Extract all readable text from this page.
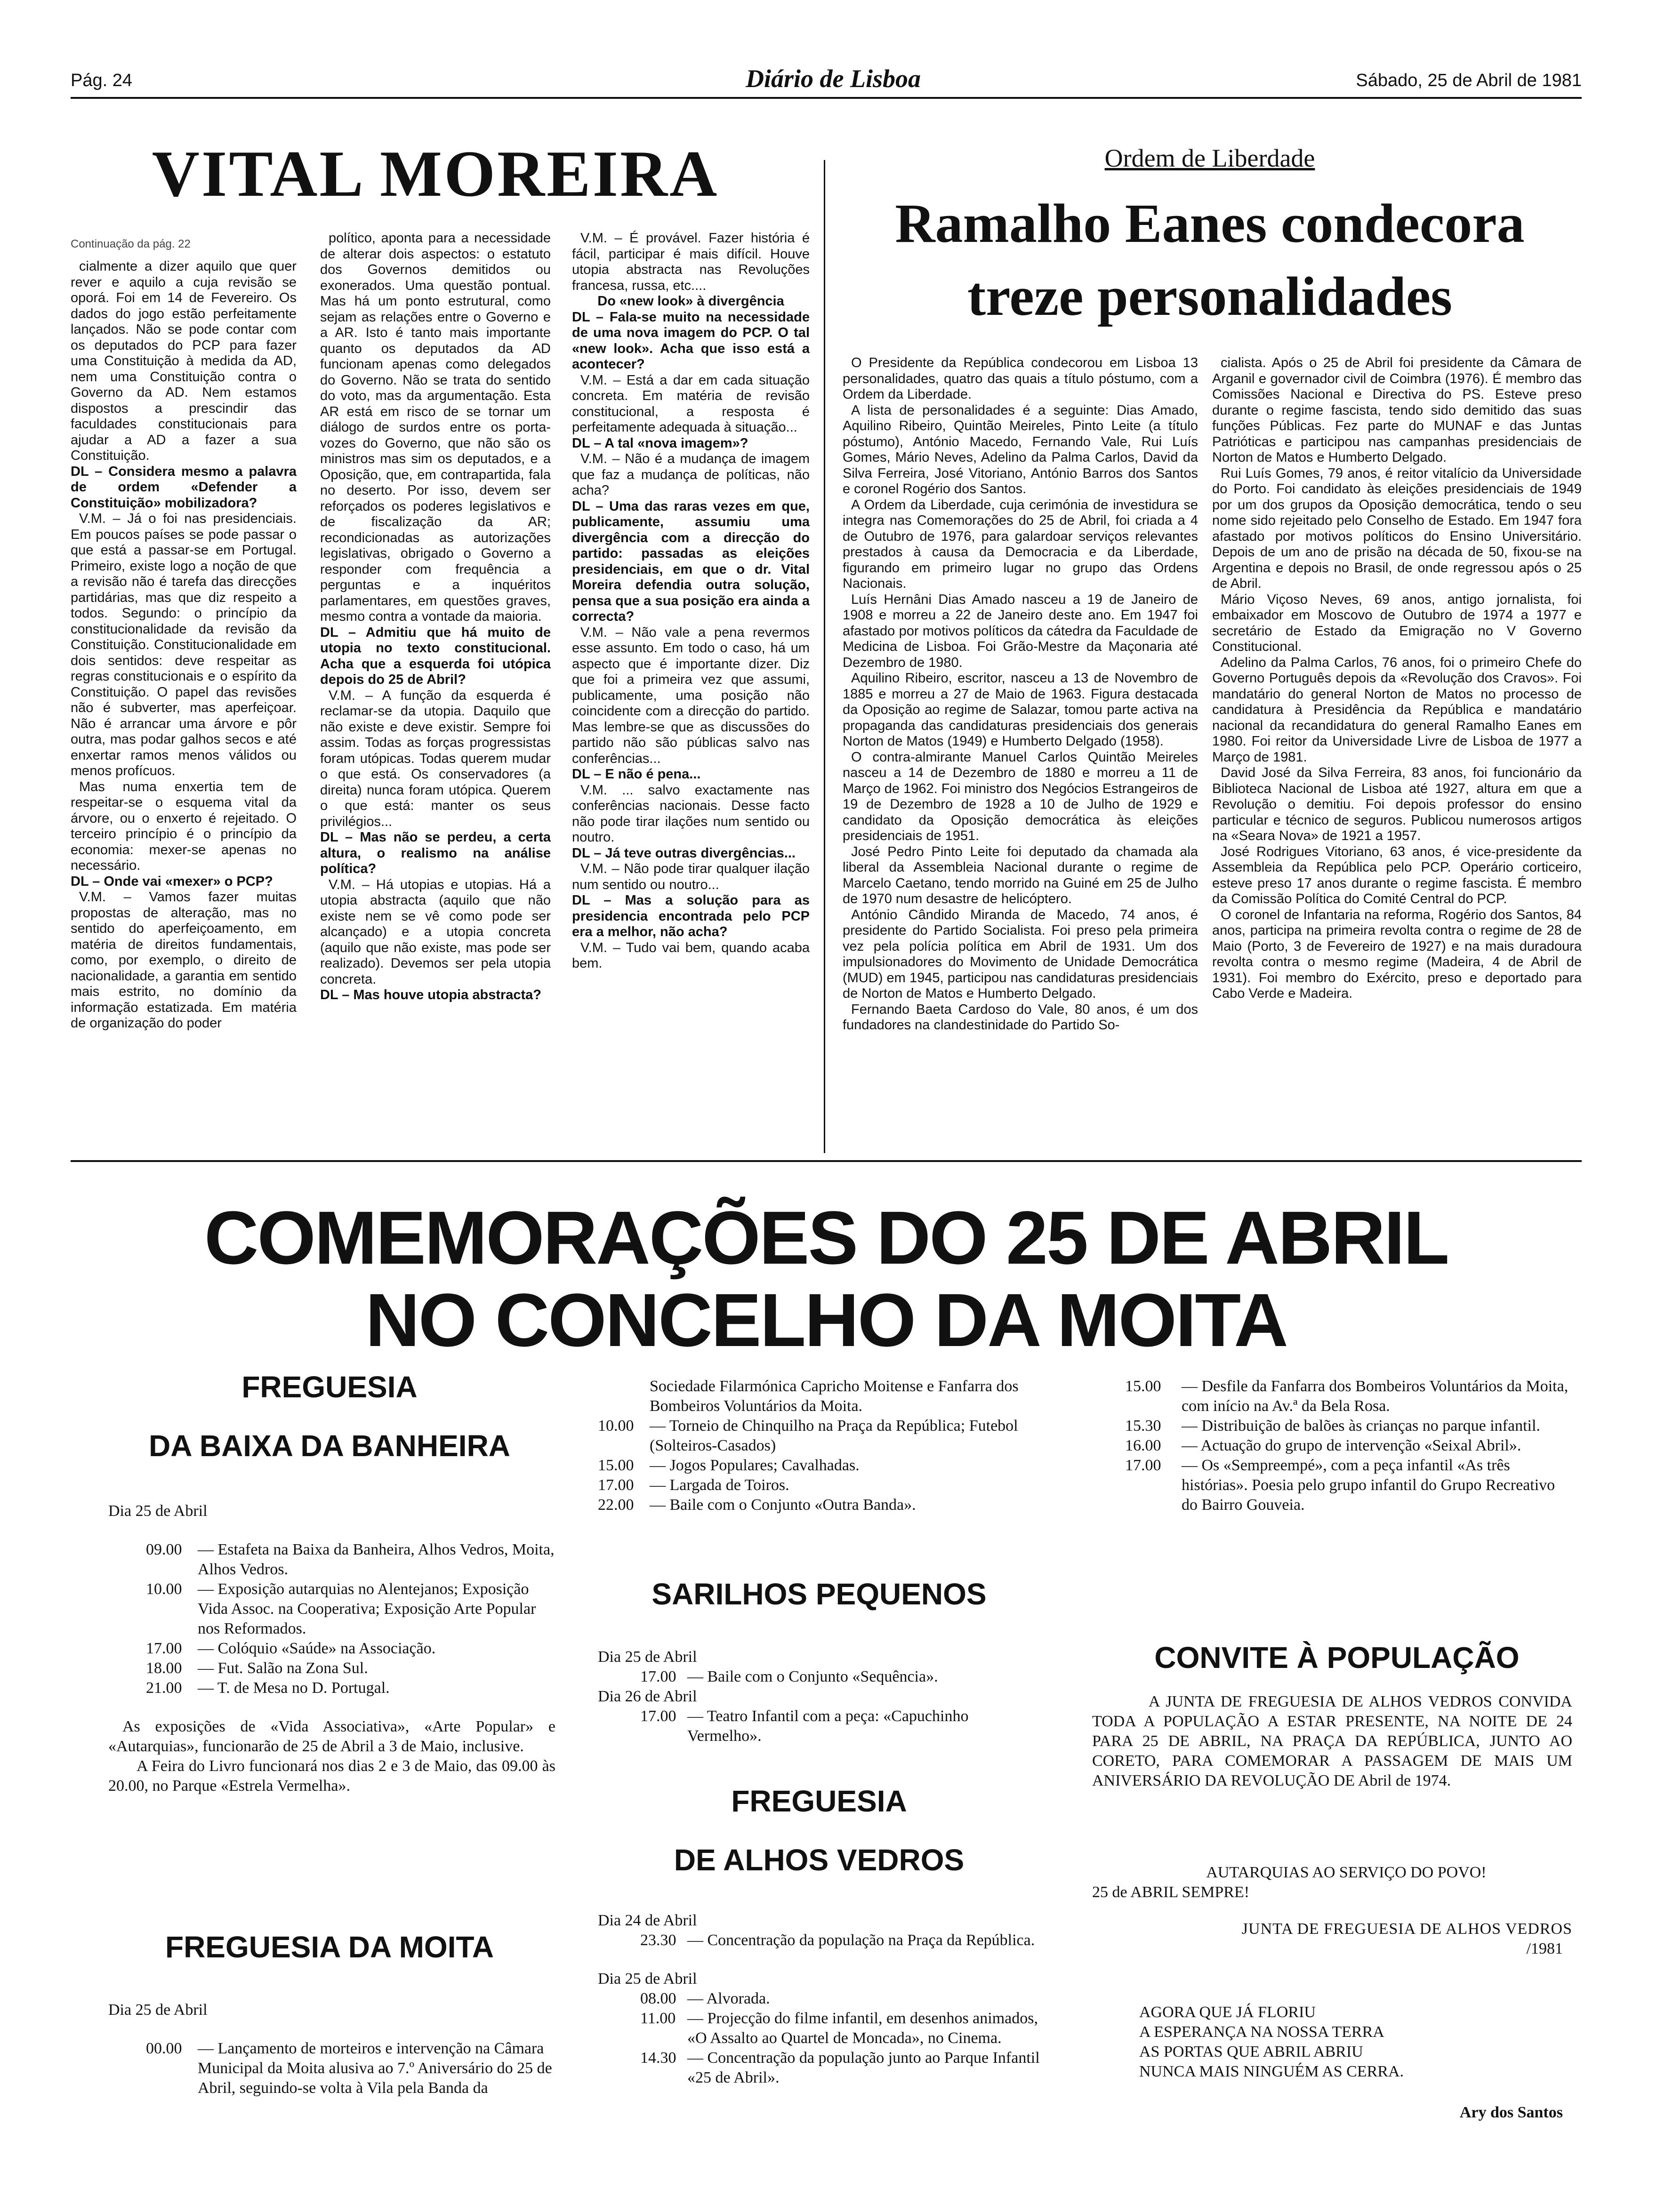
Pág. 24	Diário de Lisboa	Sábado, 25 de Abril de 1981
VITAL MOREIRA
Continuação da pág. 22

cialmente a dizer aquilo que quer rever e aquilo a cuja revisão se oporá. Foi em 14 de Fevereiro. Os dados do jogo estão perfeitamente lançados. Não se pode contar com os deputados do PCP para fazer uma Constituição à medida da AD, nem uma Constituição contra o Governo da AD. Nem estamos dispostos a prescindir das faculdades constitucionais para ajudar a AD a fazer a sua Constituição.

DL – Considera mesmo a palavra de ordem «Defender a Constituição» mobilizadora?

V.M. – Já o foi nas presidenciais. Em poucos países se pode passar o que está a passar-se em Portugal. Primeiro, existe logo a noção de que a revisão não é tarefa das direcções partidárias, mas que diz respeito a todos. Segundo: o princípio da constitucionalidade da revisão da Constituição. Constitucionalidade em dois sentidos: deve respeitar as regras constitucionais e o espírito da Constituição. O papel das revisões não é subverter, mas aperfeiçoar. Não é arrancar uma árvore e pôr outra, mas podar galhos secos e até enxertar ramos menos válidos ou menos profícuos.

Mas numa enxertia tem de respeitar-se o esquema vital da árvore, ou o enxerto é rejeitado. O terceiro princípio é o princípio da economia: mexer-se apenas no necessário.

DL – Onde vai «mexer» o PCP?

V.M. – Vamos fazer muitas propostas de alteração, mas no sentido do aperfeiçoamento, em matéria de direitos fundamentais, como, por exemplo, o direito de nacionalidade, a garantia em sentido mais estrito, no domínio da informação estatizada. Em matéria de organização do poder

político, aponta para a necessidade de alterar dois aspectos: o estatuto dos Governos demitidos ou exonerados. Uma questão pontual. Mas há um ponto estrutural, como sejam as relações entre o Governo e a AR. Isto é tanto mais importante quanto os deputados da AD funcionam apenas como delegados do Governo. Não se trata do sentido do voto, mas da argumentação. Esta AR está em risco de se tornar um diálogo de surdos entre os porta-vozes do Governo, que não são os ministros mas sim os deputados, e a Oposição, que, em contrapartida, fala no deserto. Por isso, devem ser reforçados os poderes legislativos e de fiscalização da AR; recondicionadas as autorizações legislativas, obrigado o Governo a responder com frequência a perguntas e a inquéritos parlamentares, em questões graves, mesmo contra a vontade da maioria.

DL – Admitiu que há muito de utopia no texto constitucional. Acha que a esquerda foi utópica depois do 25 de Abril?

V.M. – A função da esquerda é reclamar-se da utopia. Daquilo que não existe e deve existir. Sempre foi assim. Todas as forças progressistas foram utópicas. Todas querem mudar o que está. Os conservadores (a direita) nunca foram utópica. Querem o que está: manter os seus privilégios...

DL – Mas não se perdeu, a certa altura, o realismo na análise política?

V.M. – Há utopias e utopias. Há a utopia abstracta (aquilo que não existe nem se vê como pode ser alcançado) e a utopia concreta (aquilo que não existe, mas pode ser realizado). Devemos ser pela utopia concreta.

DL – Mas houve utopia abstracta?

V.M. – É provável. Fazer história é fácil, participar é mais difícil. Houve utopia abstracta nas Revoluções francesa, russa, etc....

Do «new look» à divergência

DL – Fala-se muito na necessidade de uma nova imagem do PCP. O tal «new look». Acha que isso está a acontecer?

V.M. – Está a dar em cada situação concreta. Em matéria de revisão constitucional, a resposta é perfeitamente adequada à situação...

DL – A tal «nova imagem»?

V.M. – Não é a mudança de imagem que faz a mudança de políticas, não acha?

DL – Uma das raras vezes em que, publicamente, assumiu uma divergência com a direcção do partido: passadas as eleições presidenciais, em que o dr. Vital Moreira defendia outra solução, pensa que a sua posição era ainda a correcta?

V.M. – Não vale a pena revermos esse assunto. Em todo o caso, há um aspecto que é importante dizer. Diz que foi a primeira vez que assumi, publicamente, uma posição não coincidente com a direcção do partido. Mas lembre-se que as discussões do partido não são públicas salvo nas conferências...

DL – E não é pena...

V.M. ... salvo exactamente nas conferências nacionais. Desse facto não pode tirar ilações num sentido ou noutro.

DL – Já teve outras divergências...

V.M. – Não pode tirar qualquer ilação num sentido ou noutro...

DL – Mas a solução para as presidencia encontrada pelo PCP era a melhor, não acha?

V.M. – Tudo vai bem, quando acaba bem.

Ordem de Liberdade
Ramalho Eanes condecora
treze personalidades

O Presidente da República condecorou em Lisboa 13 personalidades, quatro das quais a título póstumo, com a Ordem da Liberdade.

A lista de personalidades é a seguinte: Dias Amado, Aquilino Ribeiro, Quintão Meireles, Pinto Leite (a título póstumo), António Macedo, Fernando Vale, Rui Luís Gomes, Mário Neves, Adelino da Palma Carlos, David da Silva Ferreira, José Vitoriano, António Barros dos Santos e coronel Rogério dos Santos.

A Ordem da Liberdade, cuja cerimónia de investidura se integra nas Comemorações do 25 de Abril, foi criada a 4 de Outubro de 1976, para galardoar serviços relevantes prestados à causa da Democracia e da Liberdade, figurando em primeiro lugar no grupo das Ordens Nacionais.

Luís Hernâni Dias Amado nasceu a 19 de Janeiro de 1908 e morreu a 22 de Janeiro deste ano. Em 1947 foi afastado por motivos políticos da cátedra da Faculdade de Medicina de Lisboa. Foi Grão-Mestre da Maçonaria até Dezembro de 1980.

Aquilino Ribeiro, escritor, nasceu a 13 de Novembro de 1885 e morreu a 27 de Maio de 1963. Figura destacada da Oposição ao regime de Salazar, tomou parte activa na propaganda das candidaturas presidenciais dos generais Norton de Matos (1949) e Humberto Delgado (1958).

O contra-almirante Manuel Carlos Quintão Meireles nasceu a 14 de Dezembro de 1880 e morreu a 11 de Março de 1962. Foi ministro dos Negócios Estrangeiros de 19 de Dezembro de 1928 a 10 de Julho de 1929 e candidato da Oposição democrática às eleições presidenciais de 1951.

José Pedro Pinto Leite foi deputado da chamada ala liberal da Assembleia Nacional durante o regime de Marcelo Caetano, tendo morrido na Guiné em 25 de Julho de 1970 num desastre de helicóptero.

António Cândido Miranda de Macedo, 74 anos, é presidente do Partido Socialista. Foi preso pela primeira vez pela polícia política em Abril de 1931. Um dos impulsionadores do Movimento de Unidade Democrática (MUD) em 1945, participou nas candidaturas presidenciais de Norton de Matos e Humberto Delgado.

Fernando Baeta Cardoso do Vale, 80 anos, é um dos fundadores na clandestinidade do Partido So-

cialista. Após o 25 de Abril foi presidente da Câmara de Arganil e governador civil de Coimbra (1976). É membro das Comissões Nacional e Directiva do PS. Esteve preso durante o regime fascista, tendo sido demitido das suas funções Públicas. Fez parte do MUNAF e das Juntas Patrióticas e participou nas campanhas presidenciais de Norton de Matos e Humberto Delgado.

Rui Luís Gomes, 79 anos, é reitor vitalício da Universidade do Porto. Foi candidato às eleições presidenciais de 1949 por um dos grupos da Oposição democrática, tendo o seu nome sido rejeitado pelo Conselho de Estado. Em 1947 fora afastado por motivos políticos do Ensino Universitário. Depois de um ano de prisão na década de 50, fixou-se na Argentina e depois no Brasil, de onde regressou após o 25 de Abril.

Mário Viçoso Neves, 69 anos, antigo jornalista, foi embaixador em Moscovo de Outubro de 1974 a 1977 e secretário de Estado da Emigração no V Governo Constitucional.

Adelino da Palma Carlos, 76 anos, foi o primeiro Chefe do Governo Português depois da «Revolução dos Cravos». Foi mandatário do general Norton de Matos no processo de candidatura à Presidência da República e mandatário nacional da recandidatura do general Ramalho Eanes em 1980. Foi reitor da Universidade Livre de Lisboa de 1977 a Março de 1981.

David José da Silva Ferreira, 83 anos, foi funcionário da Biblioteca Nacional de Lisboa até 1927, altura em que a Revolução o demitiu. Foi depois professor do ensino particular e técnico de seguros. Publicou numerosos artigos na «Seara Nova» de 1921 a 1957.

José Rodrigues Vitoriano, 63 anos, é vice-presidente da Assembleia da República pelo PCP. Operário corticeiro, esteve preso 17 anos durante o regime fascista. É membro da Comissão Política do Comité Central do PCP.

O coronel de Infantaria na reforma, Rogério dos Santos, 84 anos, participa na primeira revolta contra o regime de 28 de Maio (Porto, 3 de Fevereiro de 1927) e na mais duradoura revolta contra o mesmo regime (Madeira, 4 de Abril de 1931). Foi membro do Exército, preso e deportado para Cabo Verde e Madeira.

COMEMORAÇÕES DO 25 DE ABRIL
NO CONCELHO DA MOITA
FREGUESIA
DA BAIXA DA BANHEIRA
Dia 25 de Abril
09.00 — Estafeta na Baixa da Banheira, Alhos Vedros, Moita, Alhos Vedros.
10.00 — Exposição autarquias no Alentejanos; Exposição Vida Assoc. na Cooperativa; Exposição Arte Popular nos Reformados.
17.00 — Colóquio «Saúde» na Associação.
18.00 — Fut. Salão na Zona Sul.
21.00 — T. de Mesa no D. Portugal.

As exposições de «Vida Associativa», «Arte Popular» e «Autarquias», funcionarão de 25 de Abril a 3 de Maio, inclusive.

A Feira do Livro funcionará nos dias 2 e 3 de Maio, das 09.00 às 20.00, no Parque «Estrela Vermelha».

FREGUESIA DA MOITA
Dia 25 de Abril
00.00 — Lançamento de morteiros e intervenção na Câmara Municipal da Moita alusiva ao 7.º Aniversário do 25 de Abril, seguindo-se volta à Vila pela Banda da
Sociedade Filarmónica Capricho Moitense e Fanfarra dos Bombeiros Voluntários da Moita.
10.00 — Torneio de Chinquilho na Praça da República; Futebol (Solteiros-Casados)
15.00 — Jogos Populares; Cavalhadas.
17.00 — Largada de Toiros.
22.00 — Baile com o Conjunto «Outra Banda».
SARILHOS PEQUENOS
Dia 25 de Abril
17.00 — Baile com o Conjunto «Sequência».
Dia 26 de Abril
17.00 — Teatro Infantil com a peça: «Capuchinho Vermelho».
FREGUESIA
DE ALHOS VEDROS
Dia 24 de Abril
23.30 — Concentração da população na Praça da República.
Dia 25 de Abril
08.00 — Alvorada.
11.00 — Projecção do filme infantil, em desenhos animados, «O Assalto ao Quartel de Moncada», no Cinema.
14.30 — Concentração da população junto ao Parque Infantil «25 de Abril».
15.00	— Desfile da Fanfarra dos Bombeiros Voluntários da Moita, com início na Av.ª da Bela Rosa.
15.30	— Distribuição de balões às crianças no parque infantil.
16.00	— Actuação do grupo de intervenção «Seixal Abril».
17.00	— Os «Sempreempé», com a peça infantil «As três histórias». Poesia pelo grupo infantil do Grupo Recreativo do Bairro Gouveia.
CONVITE À POPULAÇÃO
A JUNTA DE FREGUESIA DE ALHOS VEDROS CONVIDA TODA A POPULAÇÃO A ESTAR PRESENTE, NA NOITE DE 24 PARA 25 DE ABRIL, NA PRAÇA DA REPÚBLICA, JUNTO AO CORETO, PARA COMEMORAR A PASSAGEM DE MAIS UM ANIVERSÁRIO DA REVOLUÇÃO DE Abril de 1974.
AUTARQUIAS AO SERVIÇO DO POVO!
25 de ABRIL SEMPRE!
JUNTA DE FREGUESIA DE ALHOS VEDROS
/1981
AGORA QUE JÁ FLORIU
A ESPERANÇA NA NOSSA TERRA
AS PORTAS QUE ABRIL ABRIU
NUNCA MAIS NINGUÉM AS CERRA.
Ary dos Santos
